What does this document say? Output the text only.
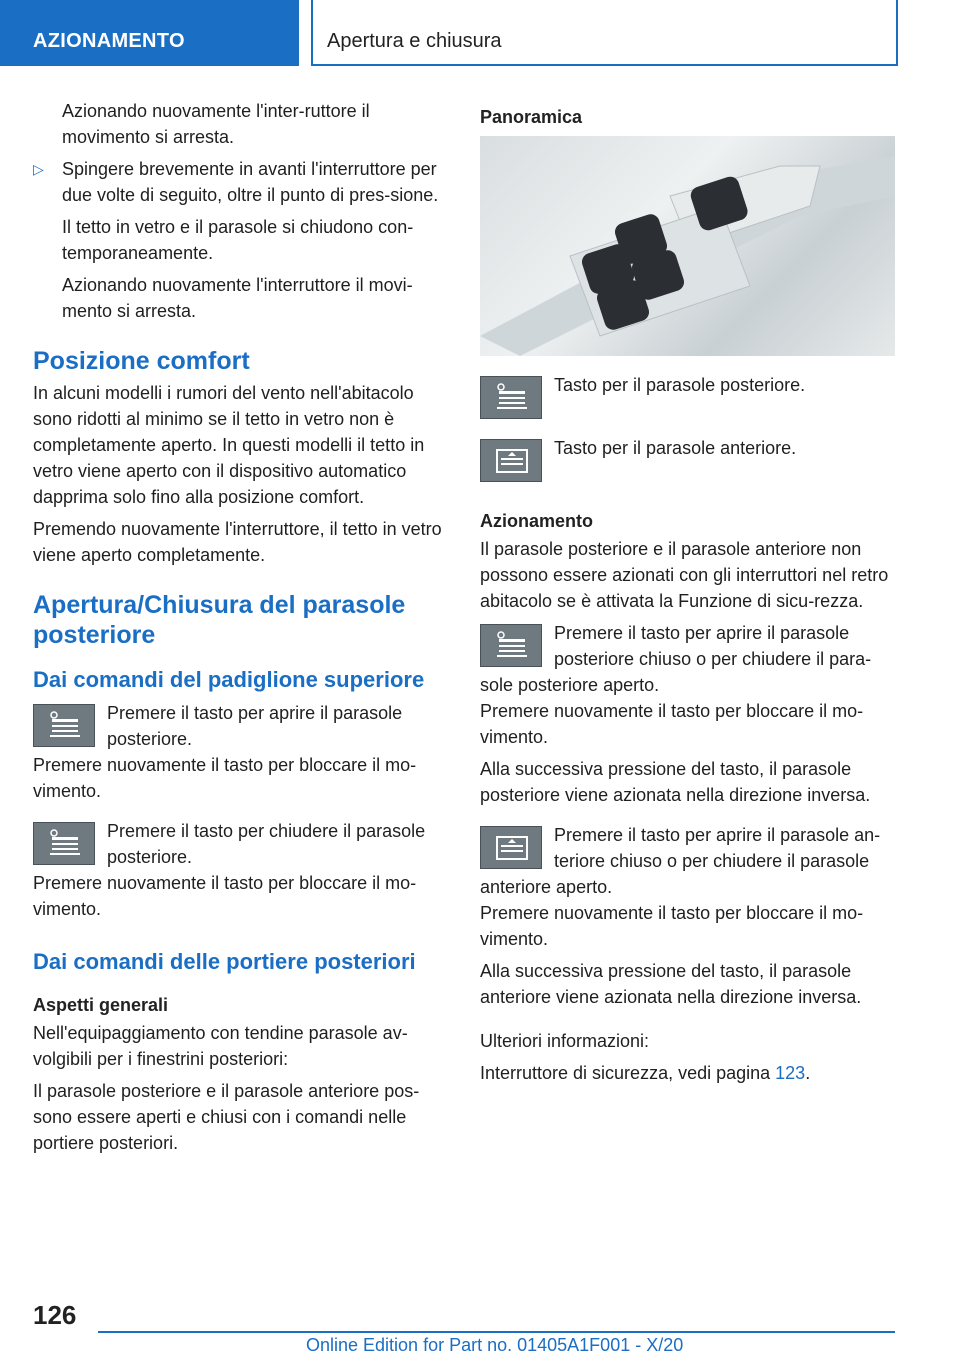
AZIONAMENTO	Apertura e chiusura

Azionando nuovamente l'inter-ruttore il movimento si arresta.

▷ Spingere brevemente in avanti l'interruttore per due volte di seguito, oltre il punto di pres-sione.

Il tetto in vetro e il parasole si chiudono con-temporaneamente.

Azionando nuovamente l'interruttore il movi-mento si arresta.

Posizione comfort

In alcuni modelli i rumori del vento nell'abitacolo sono ridotti al minimo se il tetto in vetro non è completamente aperto. In questi modelli il tetto in vetro viene aperto con il dispositivo automatico dapprima solo fino alla posizione comfort.

Premendo nuovamente l'interruttore, il tetto in vetro viene aperto completamente.

Apertura/Chiusura del parasole posteriore
Dai comandi del padiglione superiore
Premere il tasto per aprire il parasole posteriore.

Premere nuovamente il tasto per bloccare il mo-vimento.

Premere il tasto per chiudere il parasole posteriore.

Premere nuovamente il tasto per bloccare il mo-vimento.

Dai comandi delle portiere posteriori
Aspetti generali

Nell'equipaggiamento con tendine parasole av-volgibili per i finestrini posteriori:

Il parasole posteriore e il parasole anteriore pos-sono essere aperti e chiusi con i comandi nelle portiere posteriori.

Panoramica
Tasto per il parasole posteriore.
Tasto per il parasole anteriore.
Azionamento

Il parasole posteriore e il parasole anteriore non possono essere azionati con gli interruttori nel retro abitacolo se è attivata la Funzione di sicu-rezza.

Premere il tasto per aprire il parasole posteriore chiuso o per chiudere il para-sole posteriore aperto.

Premere nuovamente il tasto per bloccare il mo-vimento.

Alla successiva pressione del tasto, il parasole posteriore viene azionata nella direzione inversa.

Premere il tasto per aprire il parasole an-teriore chiuso o per chiudere il parasole anteriore aperto.

Premere nuovamente il tasto per bloccare il mo-vimento.

Alla successiva pressione del tasto, il parasole anteriore viene azionata nella direzione inversa.

Ulteriori informazioni:

Interruttore di sicurezza, vedi pagina 123.

126
Online Edition for Part no. 01405A1F001 - X/20
